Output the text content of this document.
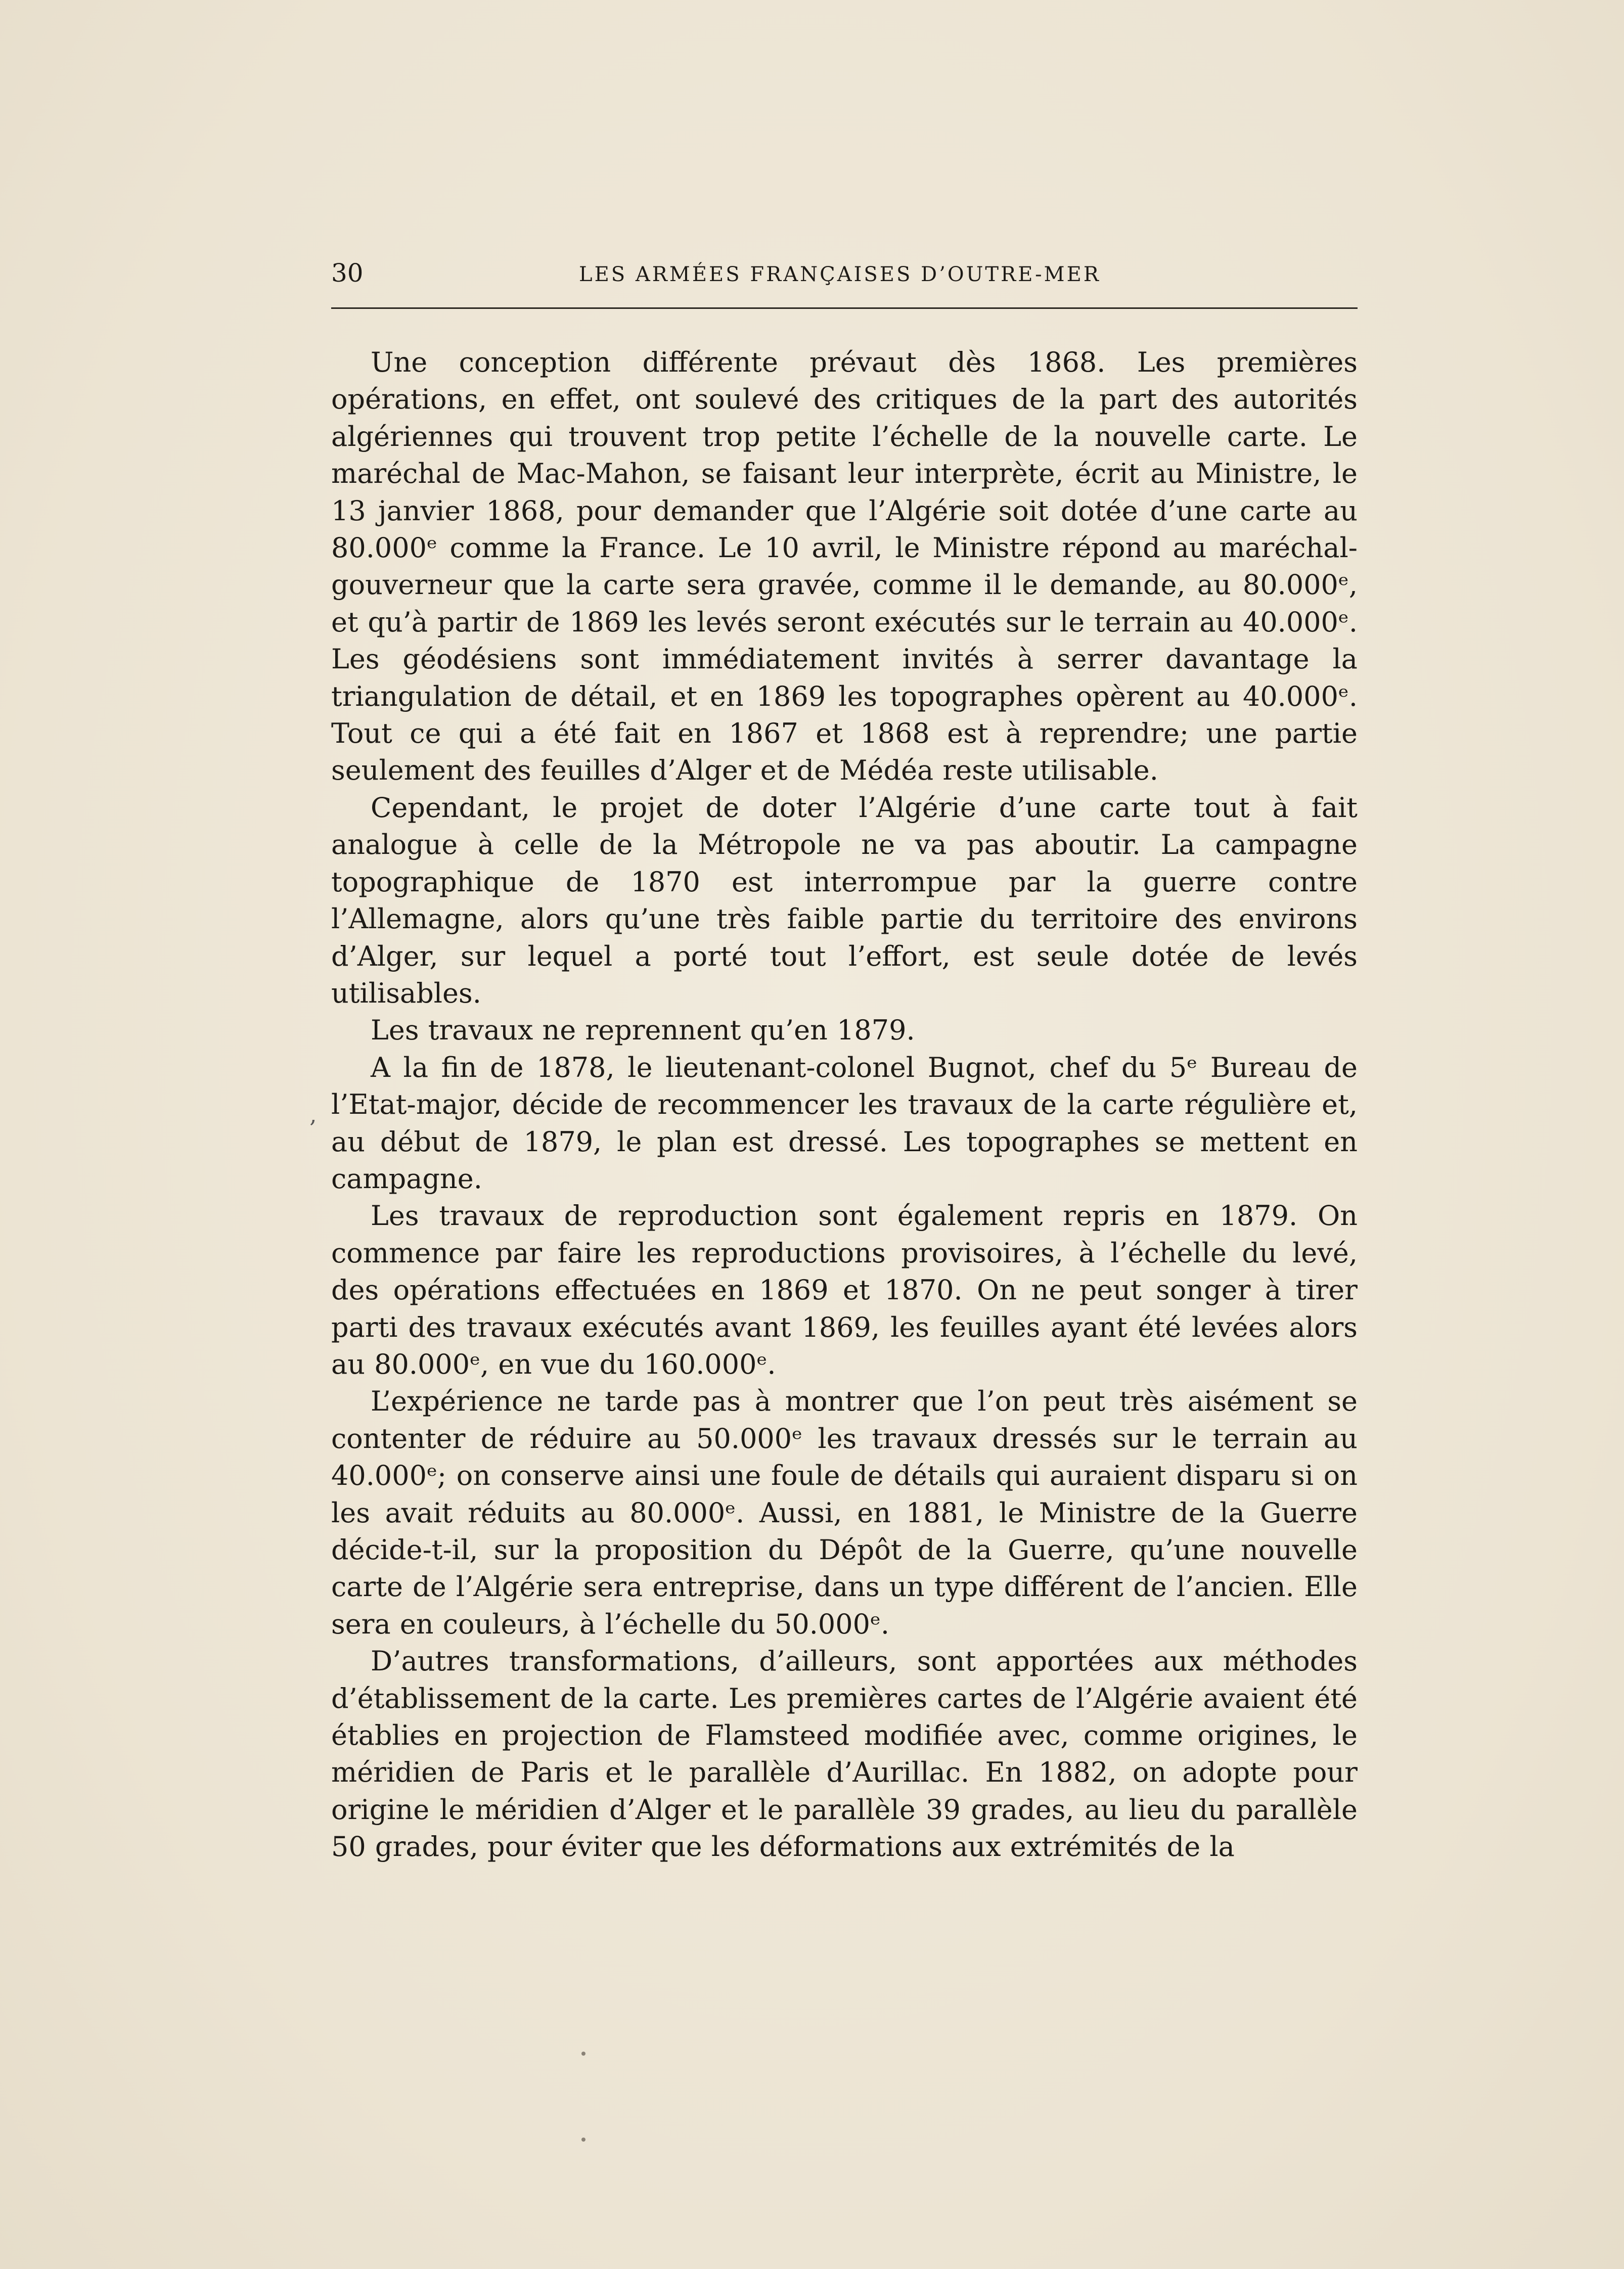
30	LES ARMÉES FRANÇAISES D’OUTRE-MER
‚

Une conception différente prévaut dès 1868. Les premières opérations, en effet, ont soulevé des critiques de la part des autorités algériennes qui trouvent trop petite l’échelle de la nouvelle carte. Le maréchal de Mac-Mahon, se faisant leur interprète, écrit au Ministre, le 13 janvier 1868, pour demander que l’Algérie soit dotée d’une carte au 80.000ᵉ comme la France. Le 10 avril, le Ministre répond au maréchal-gouverneur que la carte sera gravée, comme il le demande, au 80.000ᵉ, et qu’à partir de 1869 les levés seront exécutés sur le terrain au 40.000ᵉ. Les géodésiens sont immédiatement invités à serrer davantage la triangulation de détail, et en 1869 les topographes opèrent au 40.000ᵉ. Tout ce qui a été fait en 1867 et 1868 est à reprendre; une partie seulement des feuilles d’Alger et de Médéa reste utilisable.

Cependant, le projet de doter l’Algérie d’une carte tout à fait analogue à celle de la Métropole ne va pas aboutir. La campagne topographique de 1870 est interrompue par la guerre contre l’Allemagne, alors qu’une très faible partie du territoire des environs d’Alger, sur lequel a porté tout l’effort, est seule dotée de levés utilisables.

Les travaux ne reprennent qu’en 1879.

A la fin de 1878, le lieutenant-colonel Bugnot, chef du 5ᵉ Bureau de l’Etat-major, décide de recommencer les travaux de la carte régulière et, au début de 1879, le plan est dressé. Les topographes se mettent en campagne.

Les travaux de reproduction sont également repris en 1879. On commence par faire les reproductions provisoires, à l’échelle du levé, des opérations effectuées en 1869 et 1870. On ne peut songer à tirer parti des travaux exécutés avant 1869, les feuilles ayant été levées alors au 80.000ᵉ, en vue du 160.000ᵉ.

L’expérience ne tarde pas à montrer que l’on peut très aisément se contenter de réduire au 50.000ᵉ les travaux dressés sur le terrain au 40.000ᵉ; on conserve ainsi une foule de détails qui auraient disparu si on les avait réduits au 80.000ᵉ. Aussi, en 1881, le Ministre de la Guerre décide-t-il, sur la proposition du Dépôt de la Guerre, qu’une nouvelle carte de l’Algérie sera entreprise, dans un type différent de l’ancien. Elle sera en couleurs, à l’échelle du 50.000ᵉ.

D’autres transformations, d’ailleurs, sont apportées aux méthodes d’établissement de la carte. Les premières cartes de l’Algérie avaient été établies en projection de Flamsteed modifiée avec, comme origines, le méridien de Paris et le parallèle d’Aurillac. En 1882, on adopte pour origine le méridien d’Alger et le parallèle 39 grades, au lieu du parallèle 50 grades, pour éviter que les déformations aux extrémités de la
